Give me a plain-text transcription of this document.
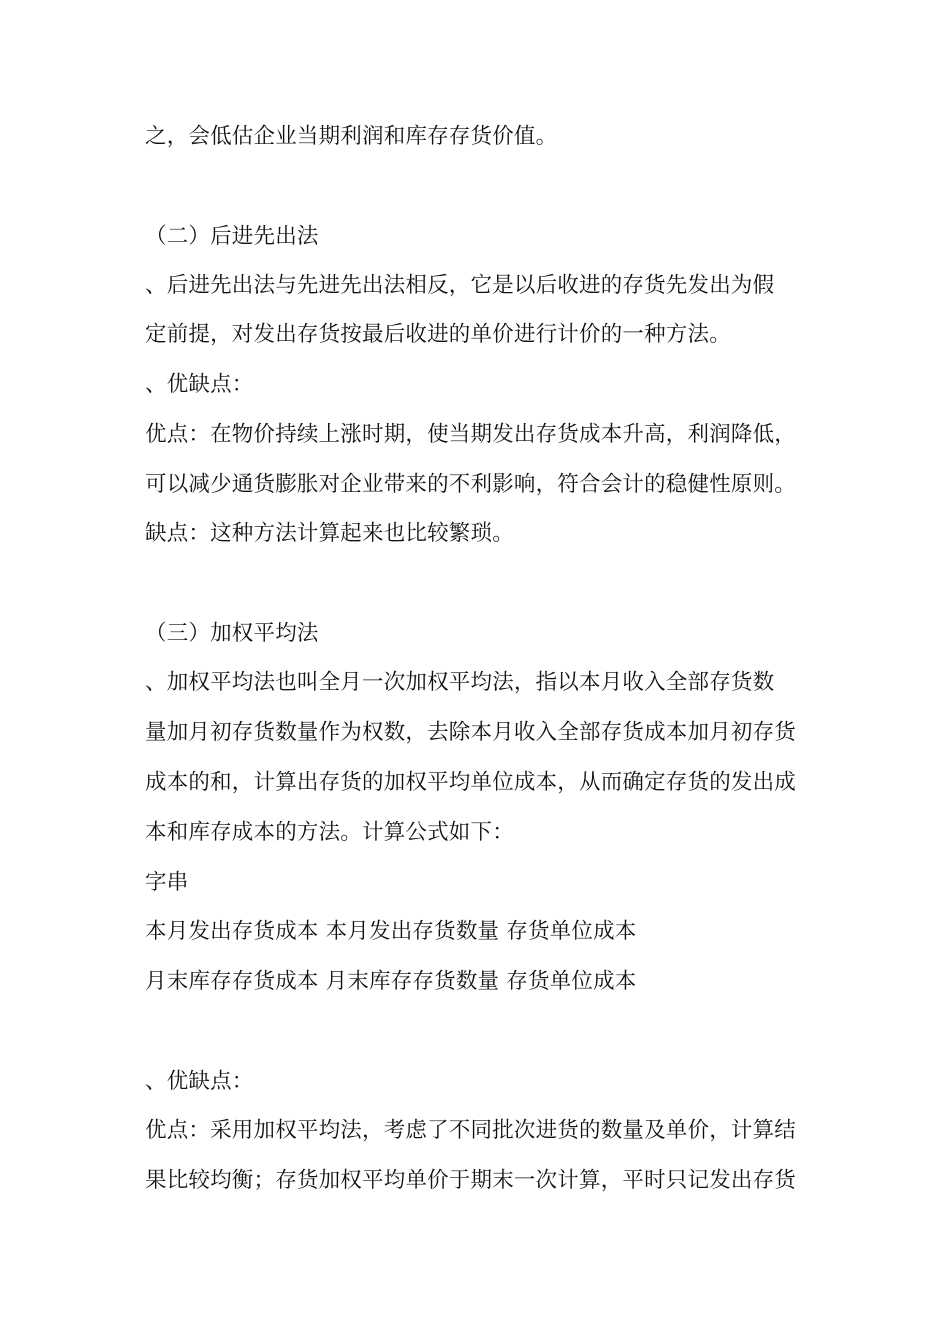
之，会低估企业当期利润和库存存货价值。
（二）后进先出法
、后进先出法与先进先出法相反，它是以后收进的存货先发出为假
定前提，对发出存货按最后收进的单价进行计价的一种方法。
、优缺点：
优点：在物价持续上涨时期，使当期发出存货成本升高，利润降低，
可以减少通货膨胀对企业带来的不利影响，符合会计的稳健性原则。
缺点：这种方法计算起来也比较繁琐。
（三）加权平均法
、加权平均法也叫全月一次加权平均法，指以本月收入全部存货数
量加月初存货数量作为权数，去除本月收入全部存货成本加月初存货
成本的和，计算出存货的加权平均单位成本，从而确定存货的发出成
本和库存成本的方法。计算公式如下：
字串
本月发出存货成本 本月发出存货数量 存货单位成本
月末库存存货成本 月末库存存货数量 存货单位成本
、优缺点：
优点：采用加权平均法，考虑了不同批次进货的数量及单价，计算结
果比较均衡；存货加权平均单价于期末一次计算，平时只记发出存货
